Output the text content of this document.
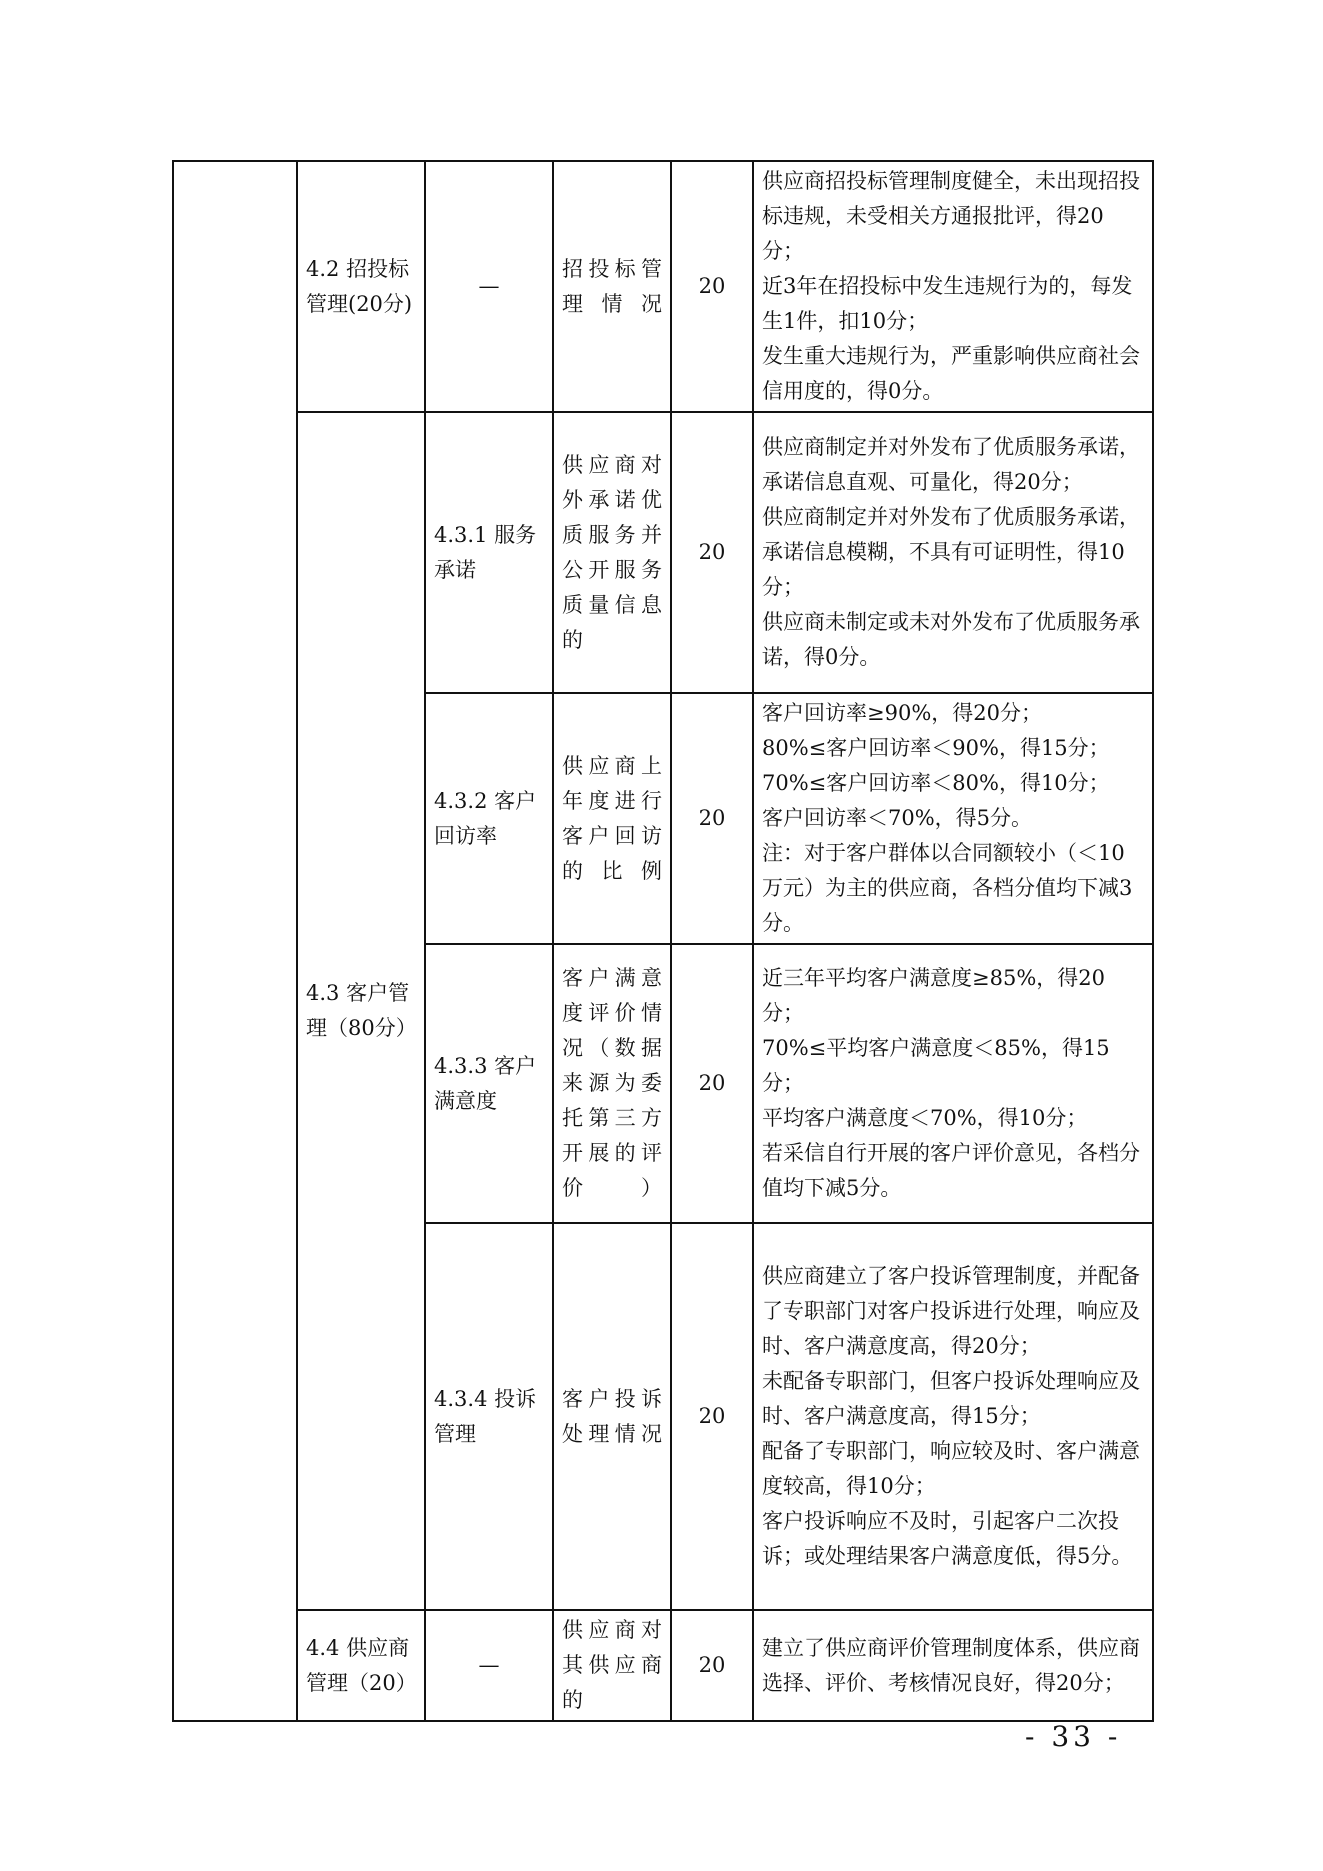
	4.2 招投标管理(20分)	—	招投标管理情况	20	供应商招投标管理制度健全，未出现招投标违规，未受相关方通报批评，得20分；
近3年在招投标中发生违规行为的，每发生1件，扣10分；
发生重大违规行为，严重影响供应商社会信用度的，得0分。

	4.3 客户管理（80分）	4.3.1 服务承诺	供应商对外承诺优质服务并公开服务质量信息的	20	供应商制定并对外发布了优质服务承诺，承诺信息直观、可量化，得20分；
供应商制定并对外发布了优质服务承诺，承诺信息模糊，不具有可证明性，得10分；
供应商未制定或未对外发布了优质服务承诺，得0分。

		4.3.2 客户回访率	供应商上年度进行客户回访的比例	20	客户回访率≥90%，得20分；
80%≤客户回访率＜90%，得15分；
70%≤客户回访率＜80%，得10分；
客户回访率＜70%，得5分。
注：对于客户群体以合同额较小（＜10万元）为主的供应商，各档分值均下减3分。

		4.3.3 客户满意度	客户满意度评价情况（数据来源为委托第三方开展的评价）	20	近三年平均客户满意度≥85%，得20分；
70%≤平均客户满意度＜85%，得15分；
平均客户满意度＜70%，得10分；
若采信自行开展的客户评价意见，各档分值均下减5分。

		4.3.4 投诉管理	客户投诉处理情况	20	供应商建立了客户投诉管理制度，并配备了专职部门对客户投诉进行处理，响应及时、客户满意度高，得20分；
未配备专职部门，但客户投诉处理响应及时、客户满意度高，得15分；
配备了专职部门，响应较及时、客户满意度较高，得10分；
客户投诉响应不及时，引起客户二次投诉；或处理结果客户满意度低，得5分。

	4.4 供应商管理（20）	—	供应商对其供应商的	20	建立了供应商评价管理制度体系，供应商选择、评价、考核情况良好，得20分；
- 33 -
